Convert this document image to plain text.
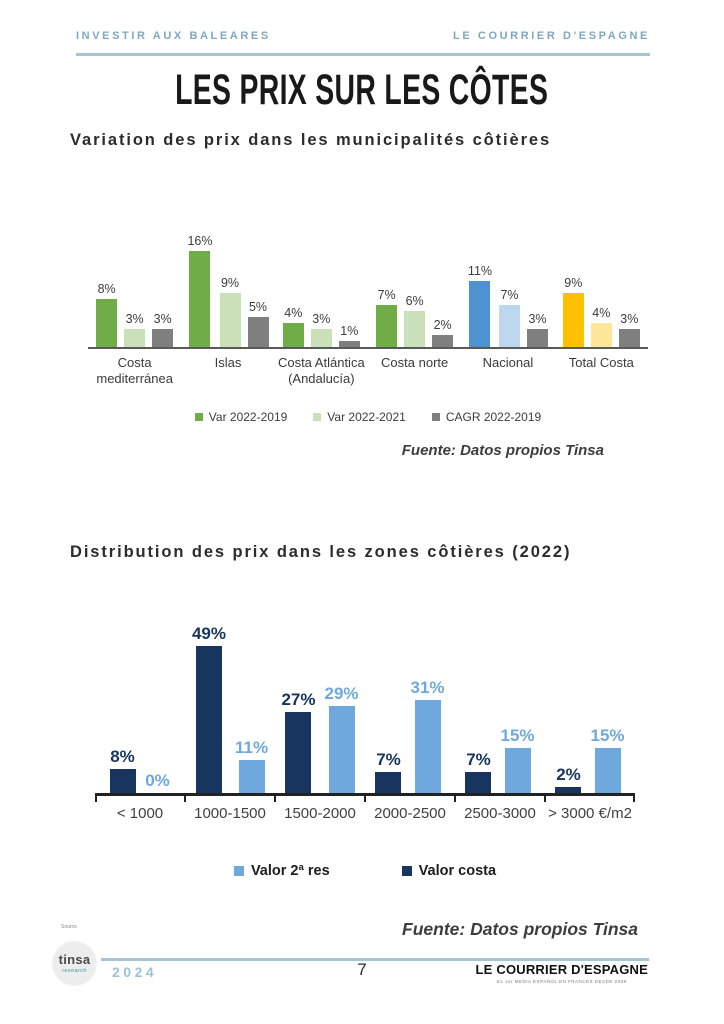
INVESTIR AUX BALEARES	LE COURRIER D'ESPAGNE
LES PRIX SUR LES CÔTES
Variation des prix dans les municipalités côtières
8%
3% 3%
16%
9%
5% 4% 3%
1%
7% 6%
2%
11%
7%
3%
9%
4% 3%
Costa mediterránea
Islas	Costa Atlántica (Andalucía)
Costa norte	Nacional	Total Costa
Var 2022-2019	Var 2022-2021	CAGR 2022-2019
Fuente: Datos propios Tinsa
Distribution des prix dans les zones côtières (2022)
8%
0%
49%
11%
27% 29%
7%
31%
7%
15%
2%
15%
< 1000	1000-1500	1500-2000	2000-2500	2500-3000 > 3000 €/m2
Valor 2ª res	Valor costa
Fuente: Datos propios Tinsa
Source
tinsa
research 2024	7	LE COURRIER D'ESPAGNE
EL 1er MEDIA ESPAÑOL EN FRANCÉS DESDE 2009
